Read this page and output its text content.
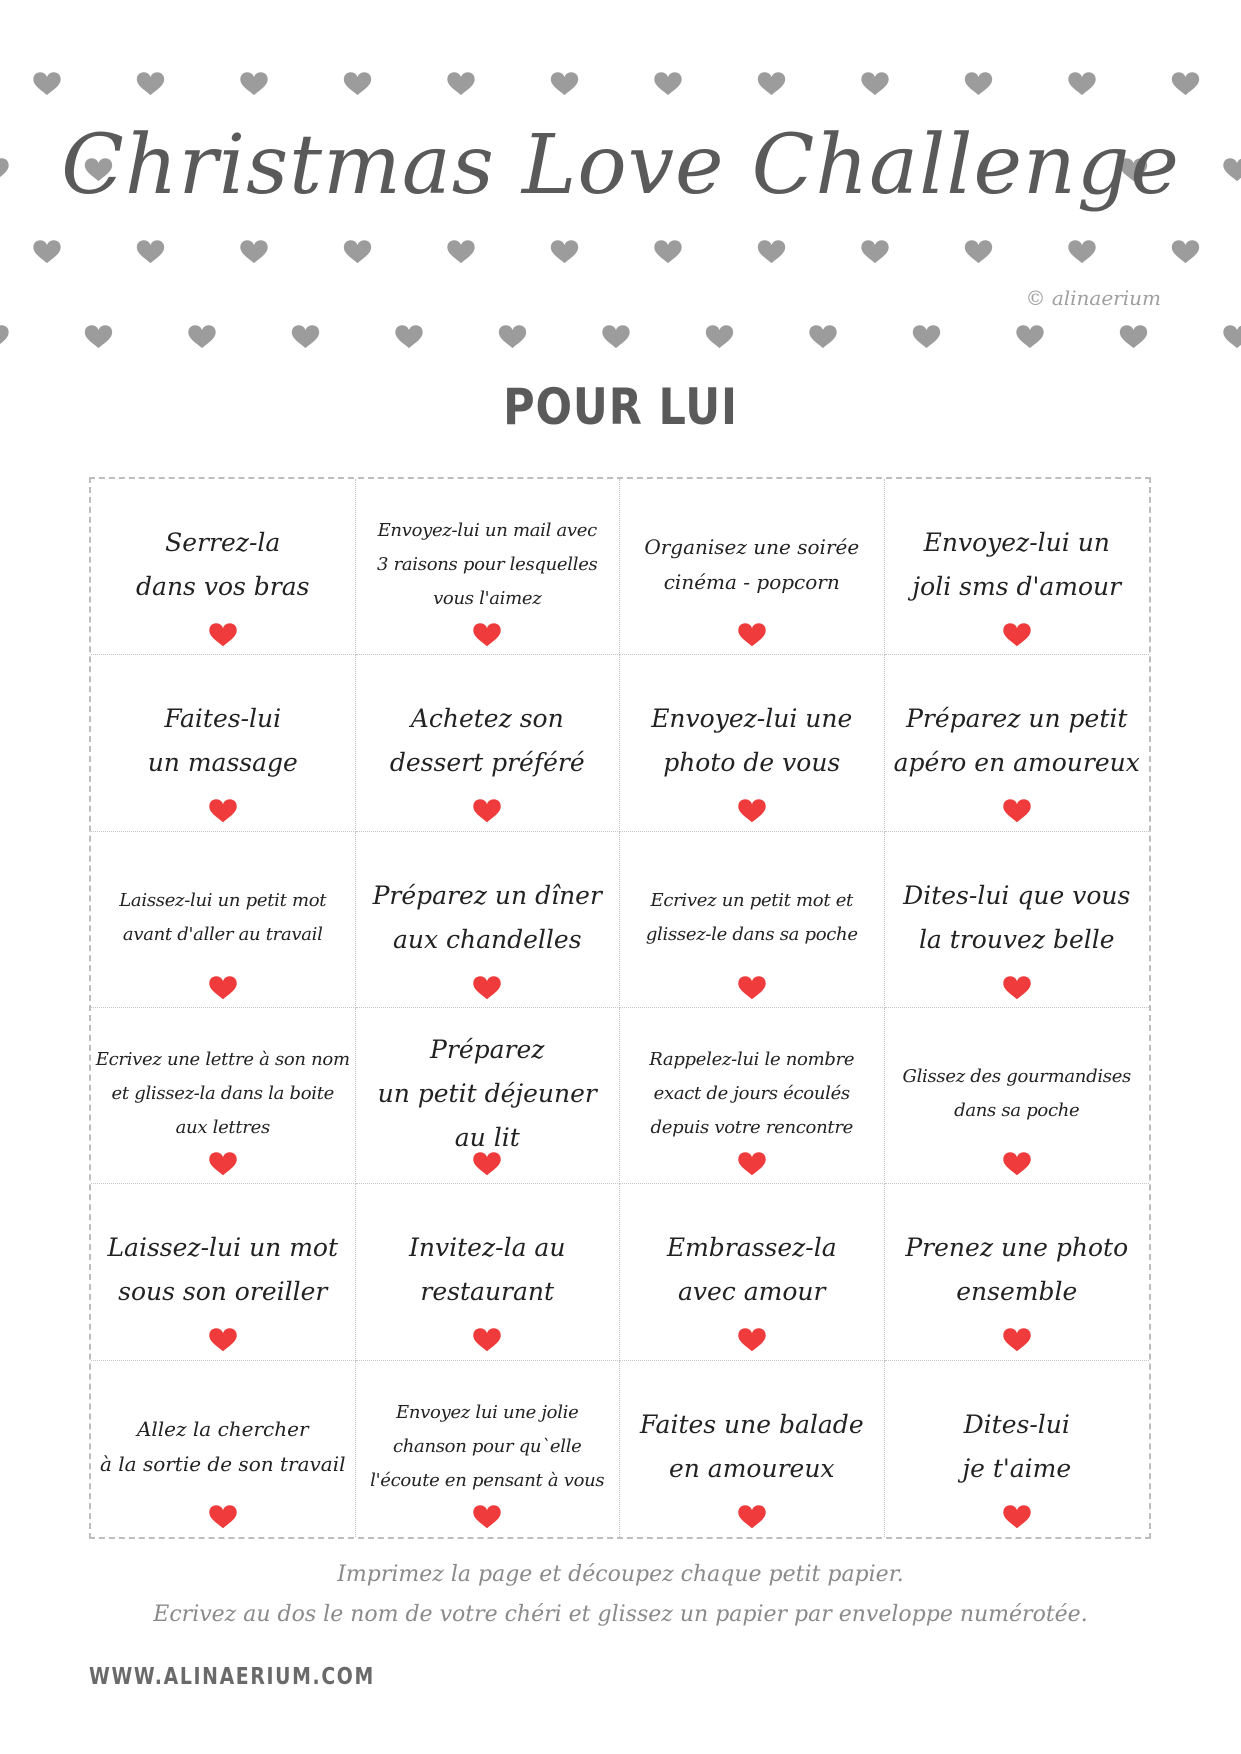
Christmas Love Challenge
© alinaerium
POUR LUI
Serrez-la
dans vos bras
Envoyez-lui un mail avec
3 raisons pour lesquelles
vous l'aimez
Organisez une soirée
cinéma - popcorn
Envoyez-lui un
joli sms d'amour
Faites-lui
un massage
Achetez son
dessert préféré
Envoyez-lui une
photo de vous
Préparez un petit
apéro en amoureux
Laissez-lui un petit mot
avant d'aller au travail
Préparez un dîner
aux chandelles
Ecrivez un petit mot et
glissez-le dans sa poche
Dites-lui que vous
la trouvez belle
Ecrivez une lettre à son nom
et glissez-la dans la boite
aux lettres
Préparez
un petit déjeuner au lit
Rappelez-lui le nombre
exact de jours écoulés
depuis votre rencontre
Glissez des gourmandises
dans sa poche
Laissez-lui un mot
sous son oreiller
Invitez-la au
restaurant
Embrassez-la
avec amour
Prenez une photo
ensemble
Allez la chercher
à la sortie de son travail
Envoyez lui une jolie
chanson pour qu`elle
l'écoute en pensant à vous
Faites une balade
en amoureux
Dites-lui
je t'aime
Imprimez la page et découpez chaque petit papier.
Ecrivez au dos le nom de votre chéri et glissez un papier par enveloppe numérotée.
WWW.ALINAERIUM.COM
